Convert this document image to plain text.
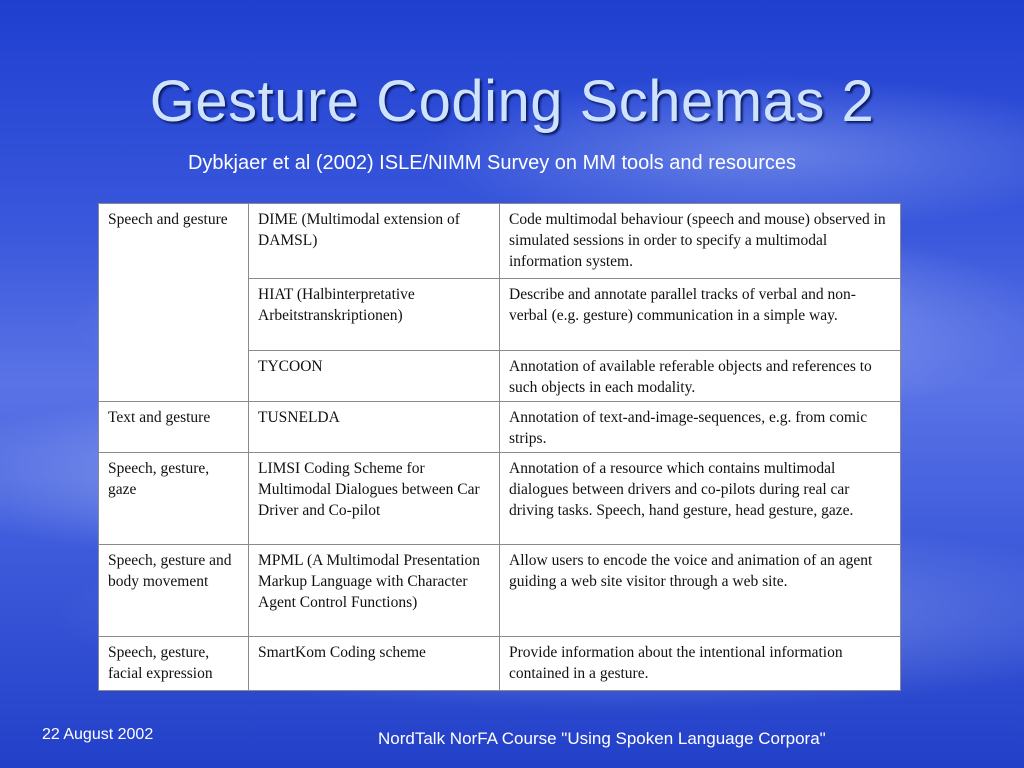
Gesture Coding Schemas 2
Dybkjaer et al (2002) ISLE/NIMM Survey on MM tools and resources
Speech and gesture	DIME (Multimodal extension of DAMSL)	Code multimodal behaviour (speech and mouse) observed in simulated sessions in order to specify a multimodal information system.
	HIAT (Halbinterpretative Arbeitstranskriptionen)	Describe and annotate parallel tracks of verbal and non-verbal (e.g. gesture) communication in a simple way.
	TYCOON	Annotation of available referable objects and references to such objects in each modality.
Text and gesture	TUSNELDA	Annotation of text-and-image-sequences, e.g. from comic strips.
Speech, gesture, gaze	LIMSI Coding Scheme for Multimodal Dialogues between Car Driver and Co-pilot	Annotation of a resource which contains multimodal dialogues between drivers and co-pilots during real car driving tasks. Speech, hand gesture, head gesture, gaze.
Speech, gesture and body movement	MPML (A Multimodal Presentation Markup Language with Character Agent Control Functions)	Allow users to encode the voice and animation of an agent guiding a web site visitor through a web site.
Speech, gesture, facial expression	SmartKom Coding scheme	Provide information about the intentional information contained in a gesture.
22 August 2002	NordTalk NorFA Course "Using Spoken Language Corpora"
